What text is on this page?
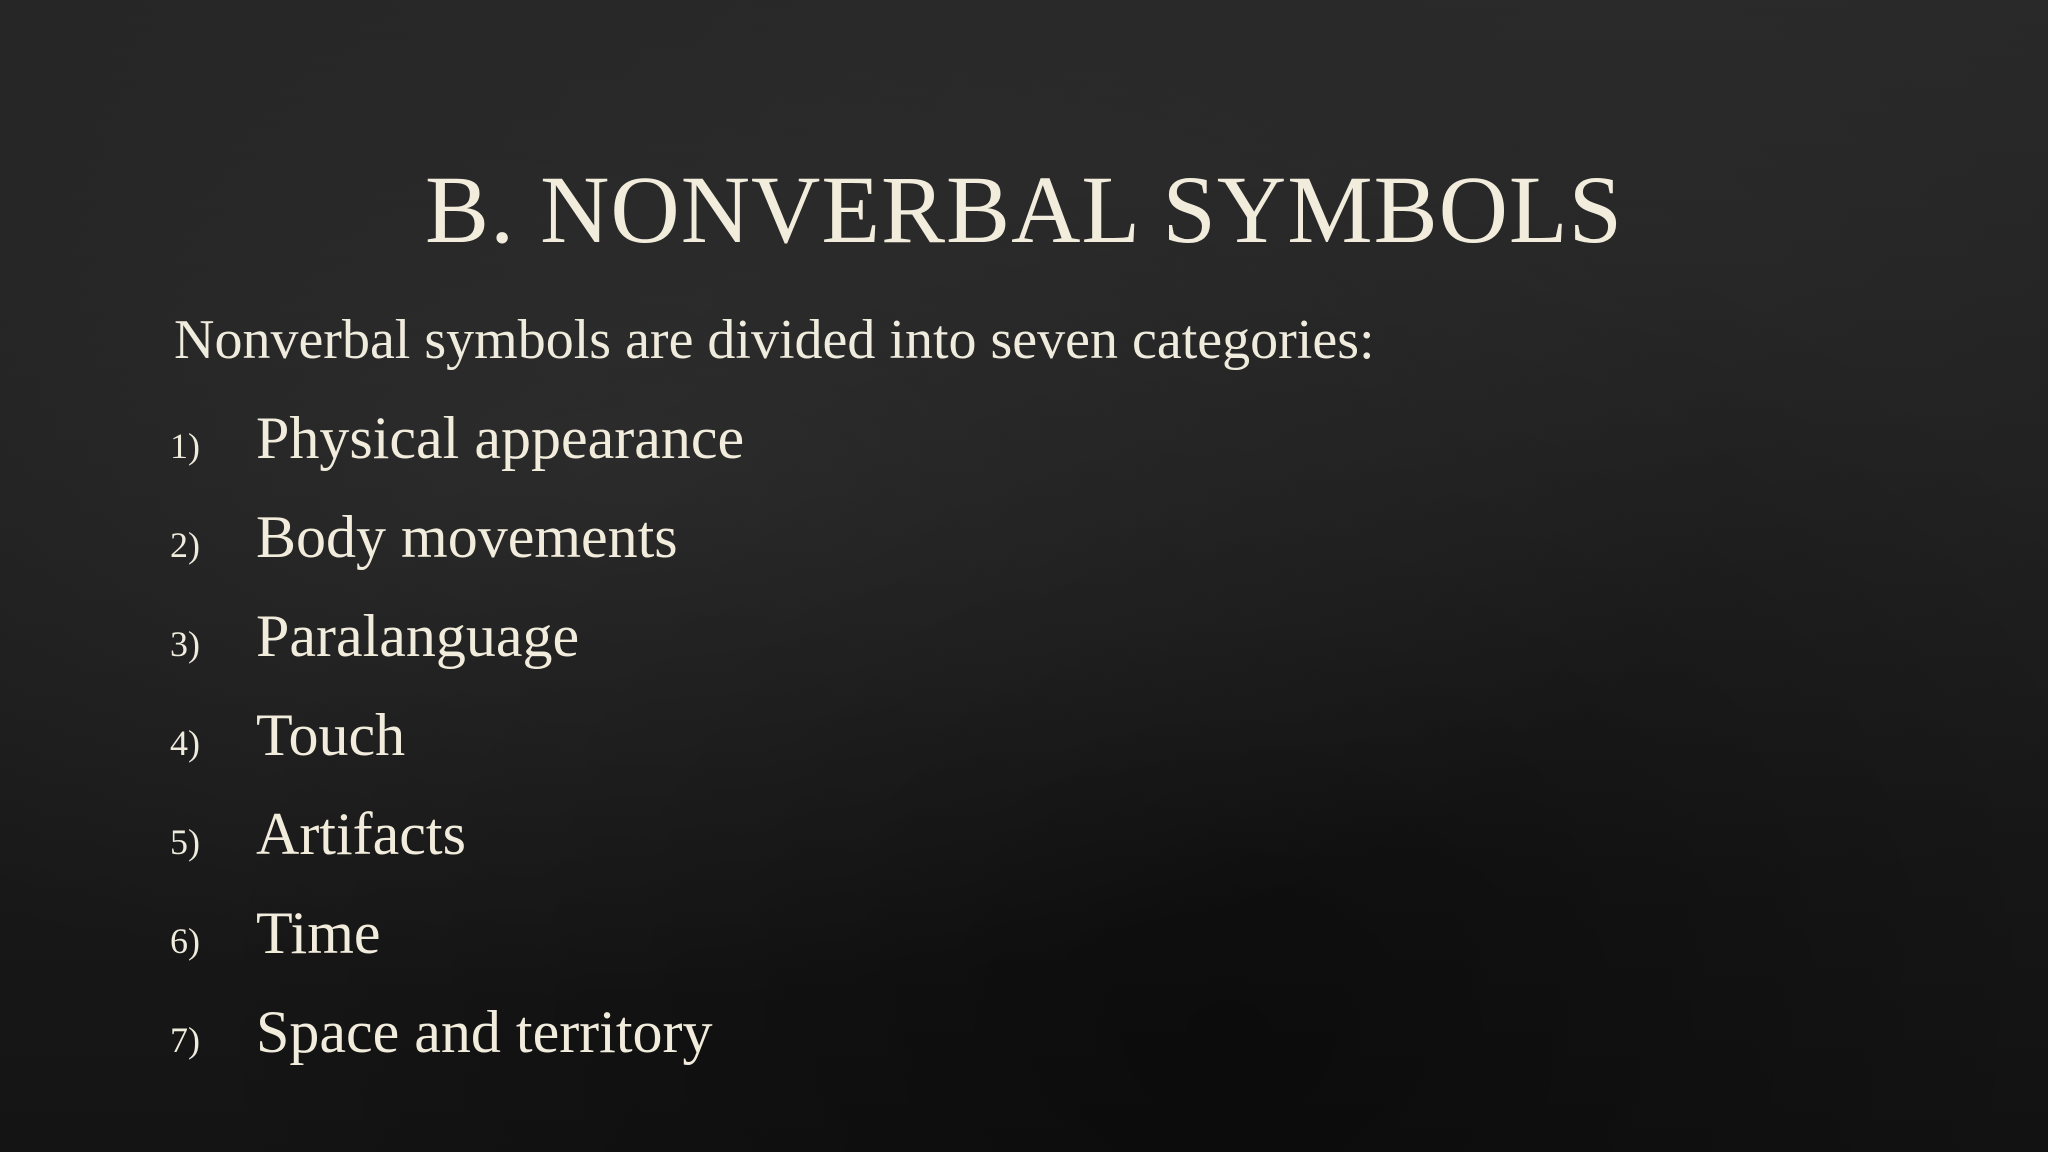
B. NONVERBAL SYMBOLS
Nonverbal symbols are divided into seven categories:
1) Physical appearance
2) Body movements
3) Paralanguage
4) Touch
5) Artifacts
6) Time
7) Space and territory
